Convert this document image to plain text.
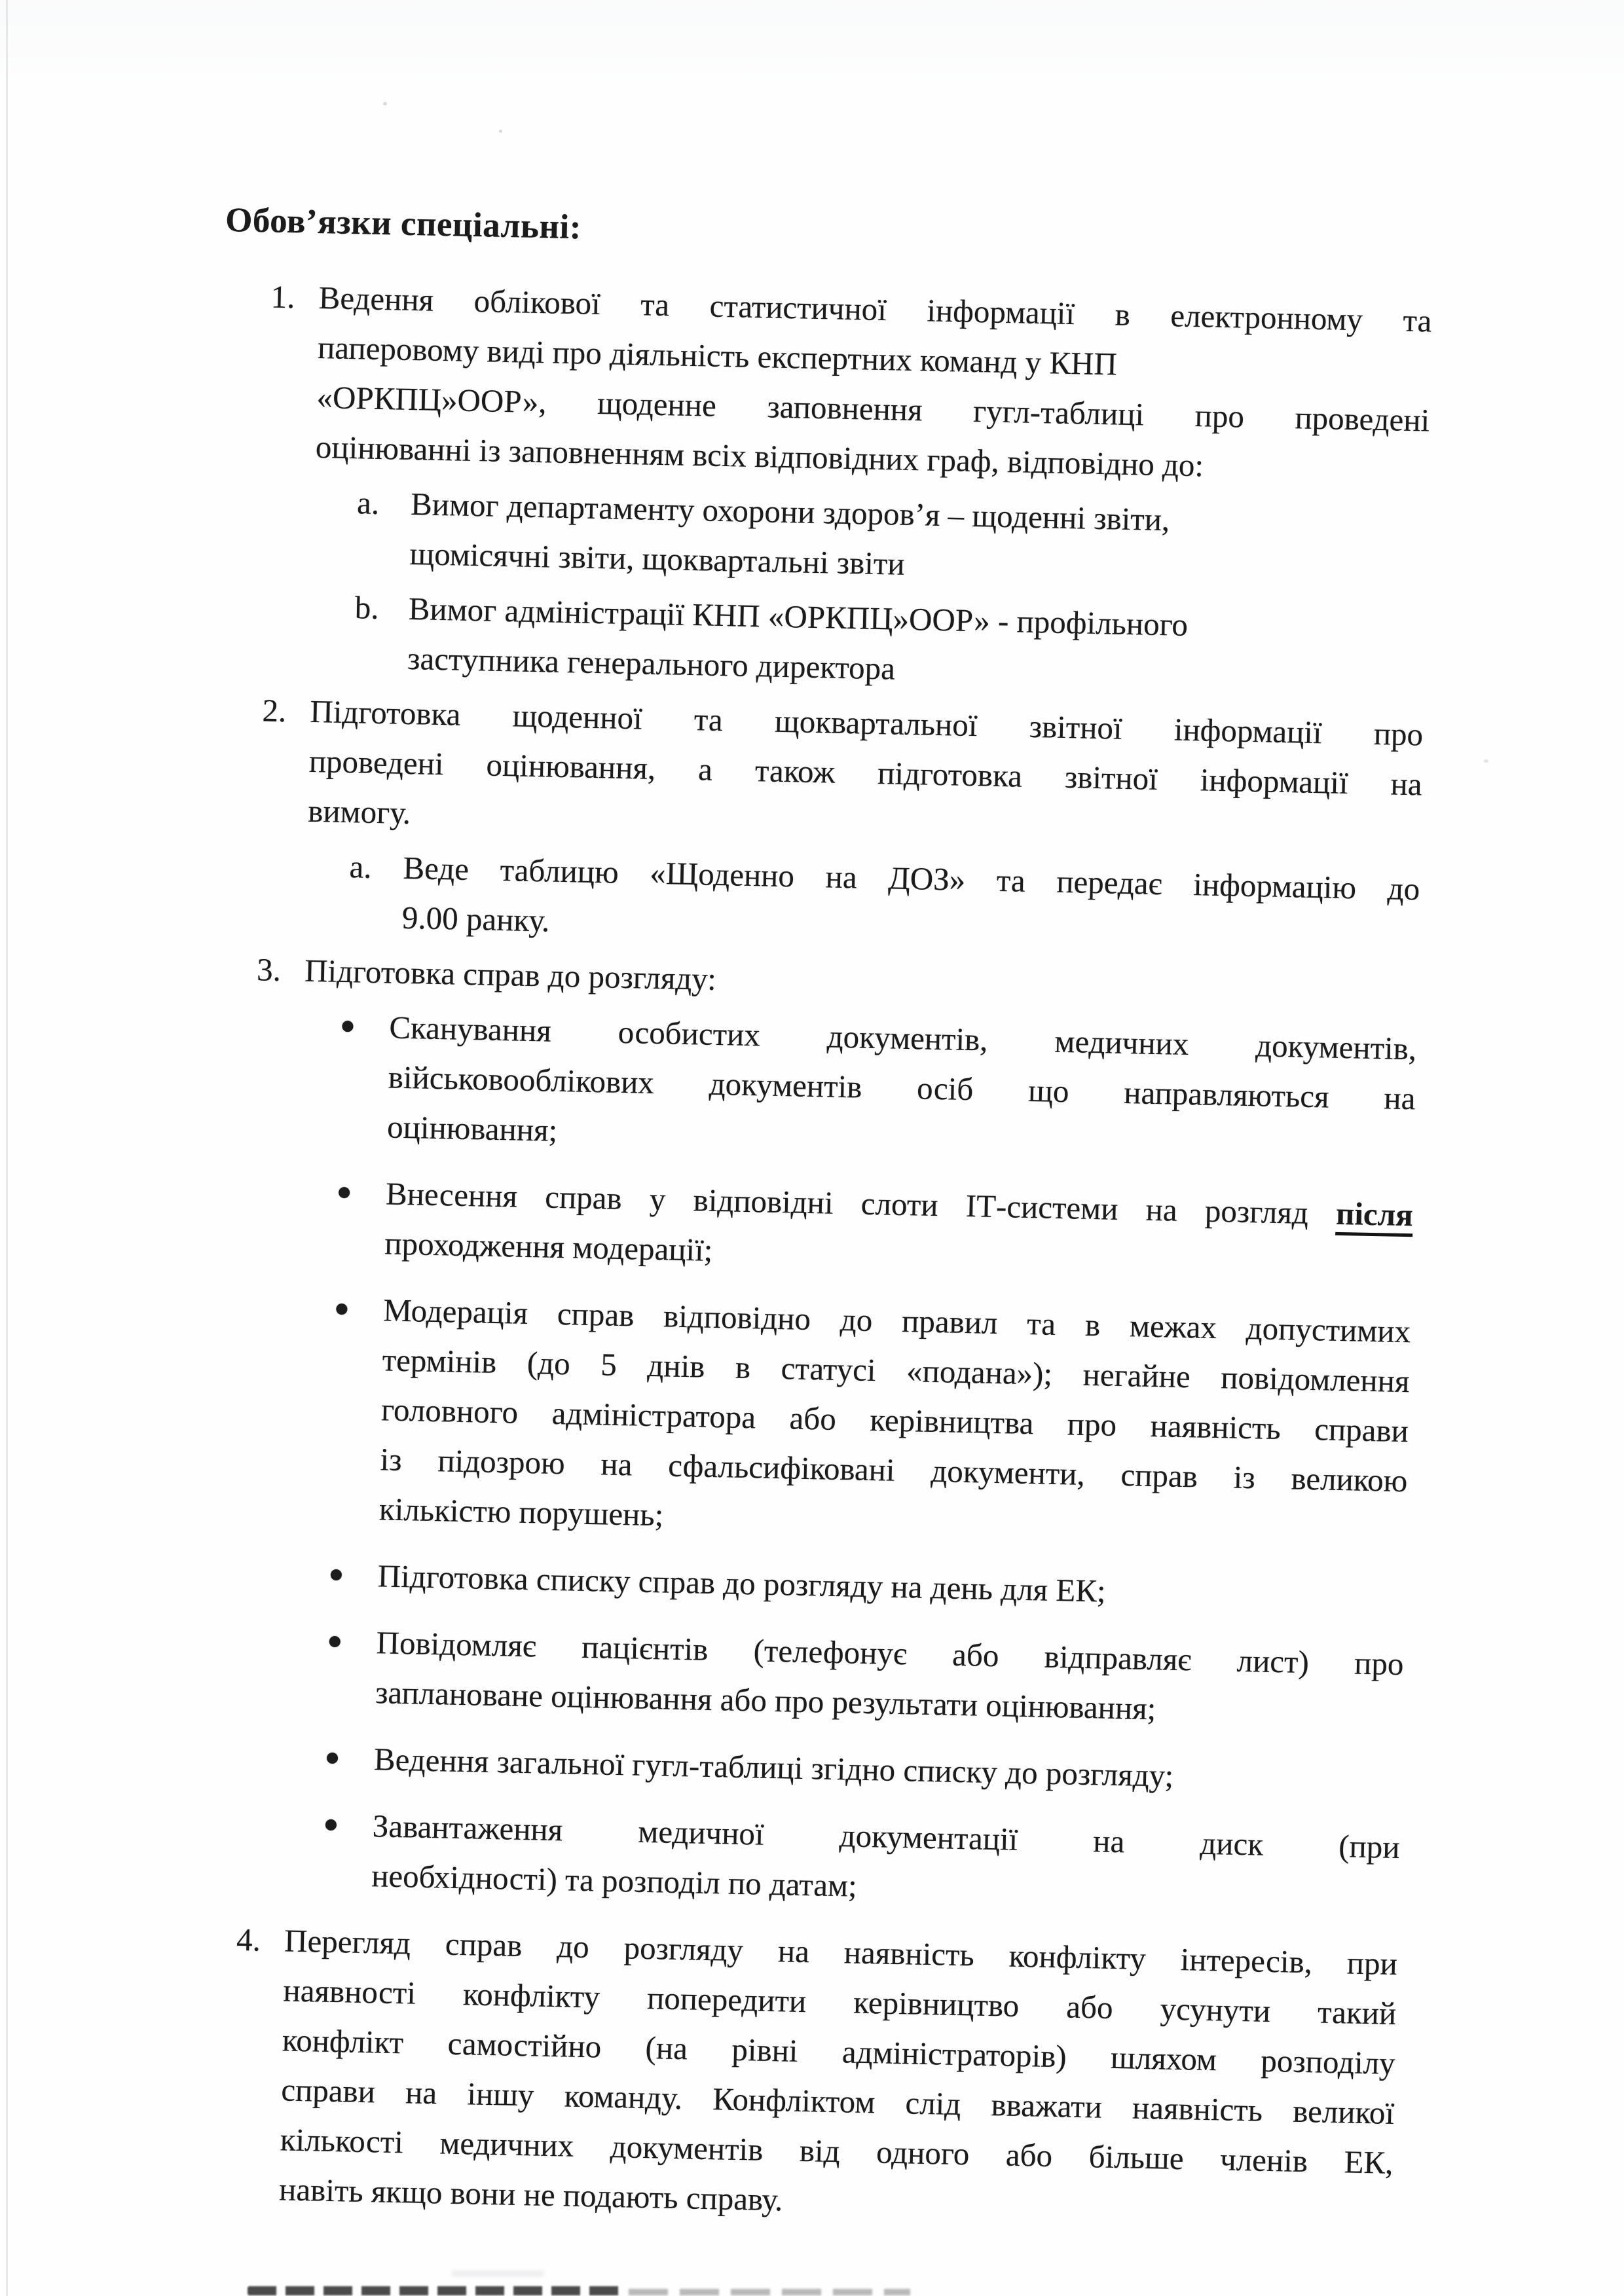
Обов’язки спеціальні:
1. Ведення облікової та статистичної інформації в електронному та
паперовому виді про діяльність експертних команд у КНП
«ОРКПЦ»ООР», щоденне заповнення гугл-таблиці про проведені
оцінюванні із заповненням всіх відповідних граф, відповідно до:
a. Вимог департаменту охорони здоров’я – щоденні звіти,
щомісячні звіти, щоквартальні звіти
b. Вимог адміністрації КНП «ОРКПЦ»ООР» - профільного
заступника генерального директора
2. Підготовка щоденної та щоквартальної звітної інформації про
проведені оцінювання, а також підготовка звітної інформації на
вимогу.
a. Веде таблицю «Щоденно на ДОЗ» та передає інформацію до
9.00 ранку.
3. Підготовка справ до розгляду:
Сканування особистих документів, медичних документів,
військовооблікових документів осіб що направляються на
оцінювання;
Внесення справ у відповідні слоти ІТ-системи на розгляд після
проходження модерації;
Модерація справ відповідно до правил та в межах допустимих
термінів (до 5 днів в статусі «подана»); негайне повідомлення
головного адміністратора або керівництва про наявність справи
із підозрою на сфальсифіковані документи, справ із великою
кількістю порушень;
Підготовка списку справ до розгляду на день для ЕК;
Повідомляє пацієнтів (телефонує або відправляє лист) про
заплановане оцінювання або про результати оцінювання;
Ведення загальної гугл-таблиці згідно списку до розгляду;
Завантаження медичної документації на диск (при
необхідності) та розподіл по датам;
4. Перегляд справ до розгляду на наявність конфлікту інтересів, при
наявності конфлікту попередити керівництво або усунути такий
конфлікт самостійно (на рівні адміністраторів) шляхом розподілу
справи на іншу команду. Конфліктом слід вважати наявність великої
кількості медичних документів від одного або більше членів ЕК,
навіть якщо вони не подають справу.
